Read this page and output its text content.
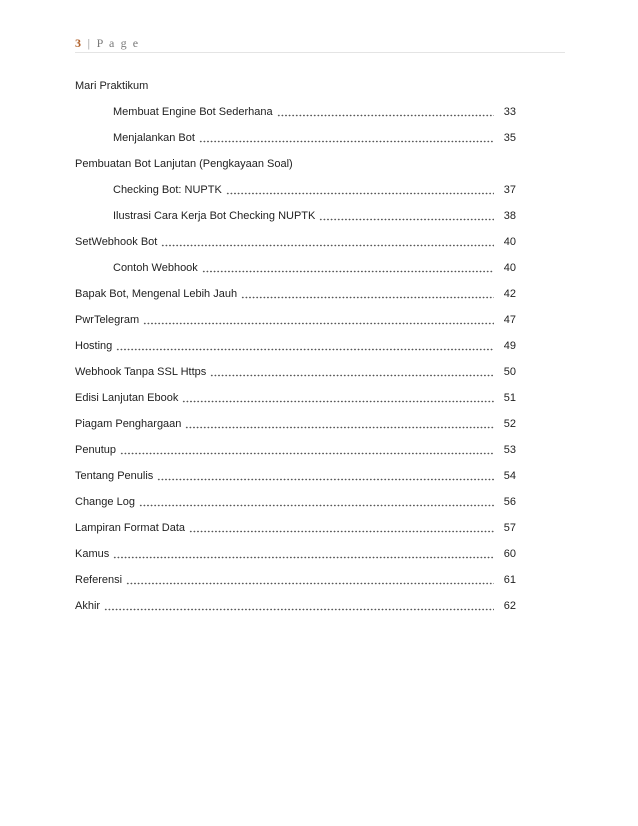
3 | P a g e
Mari Praktikum
Membuat Engine Bot Sederhana	33
Menjalankan Bot	35
Pembuatan Bot Lanjutan (Pengkayaan Soal)
Checking Bot: NUPTK	37
Ilustrasi Cara Kerja Bot Checking NUPTK	38
SetWebhook Bot	40
Contoh Webhook	40
Bapak Bot, Mengenal Lebih Jauh	42
PwrTelegram	47
Hosting	49
Webhook Tanpa SSL Https	50
Edisi Lanjutan Ebook	51
Piagam Penghargaan	52
Penutup	53
Tentang Penulis	54
Change Log	56
Lampiran Format Data	57
Kamus	60
Referensi	61
Akhir	62
